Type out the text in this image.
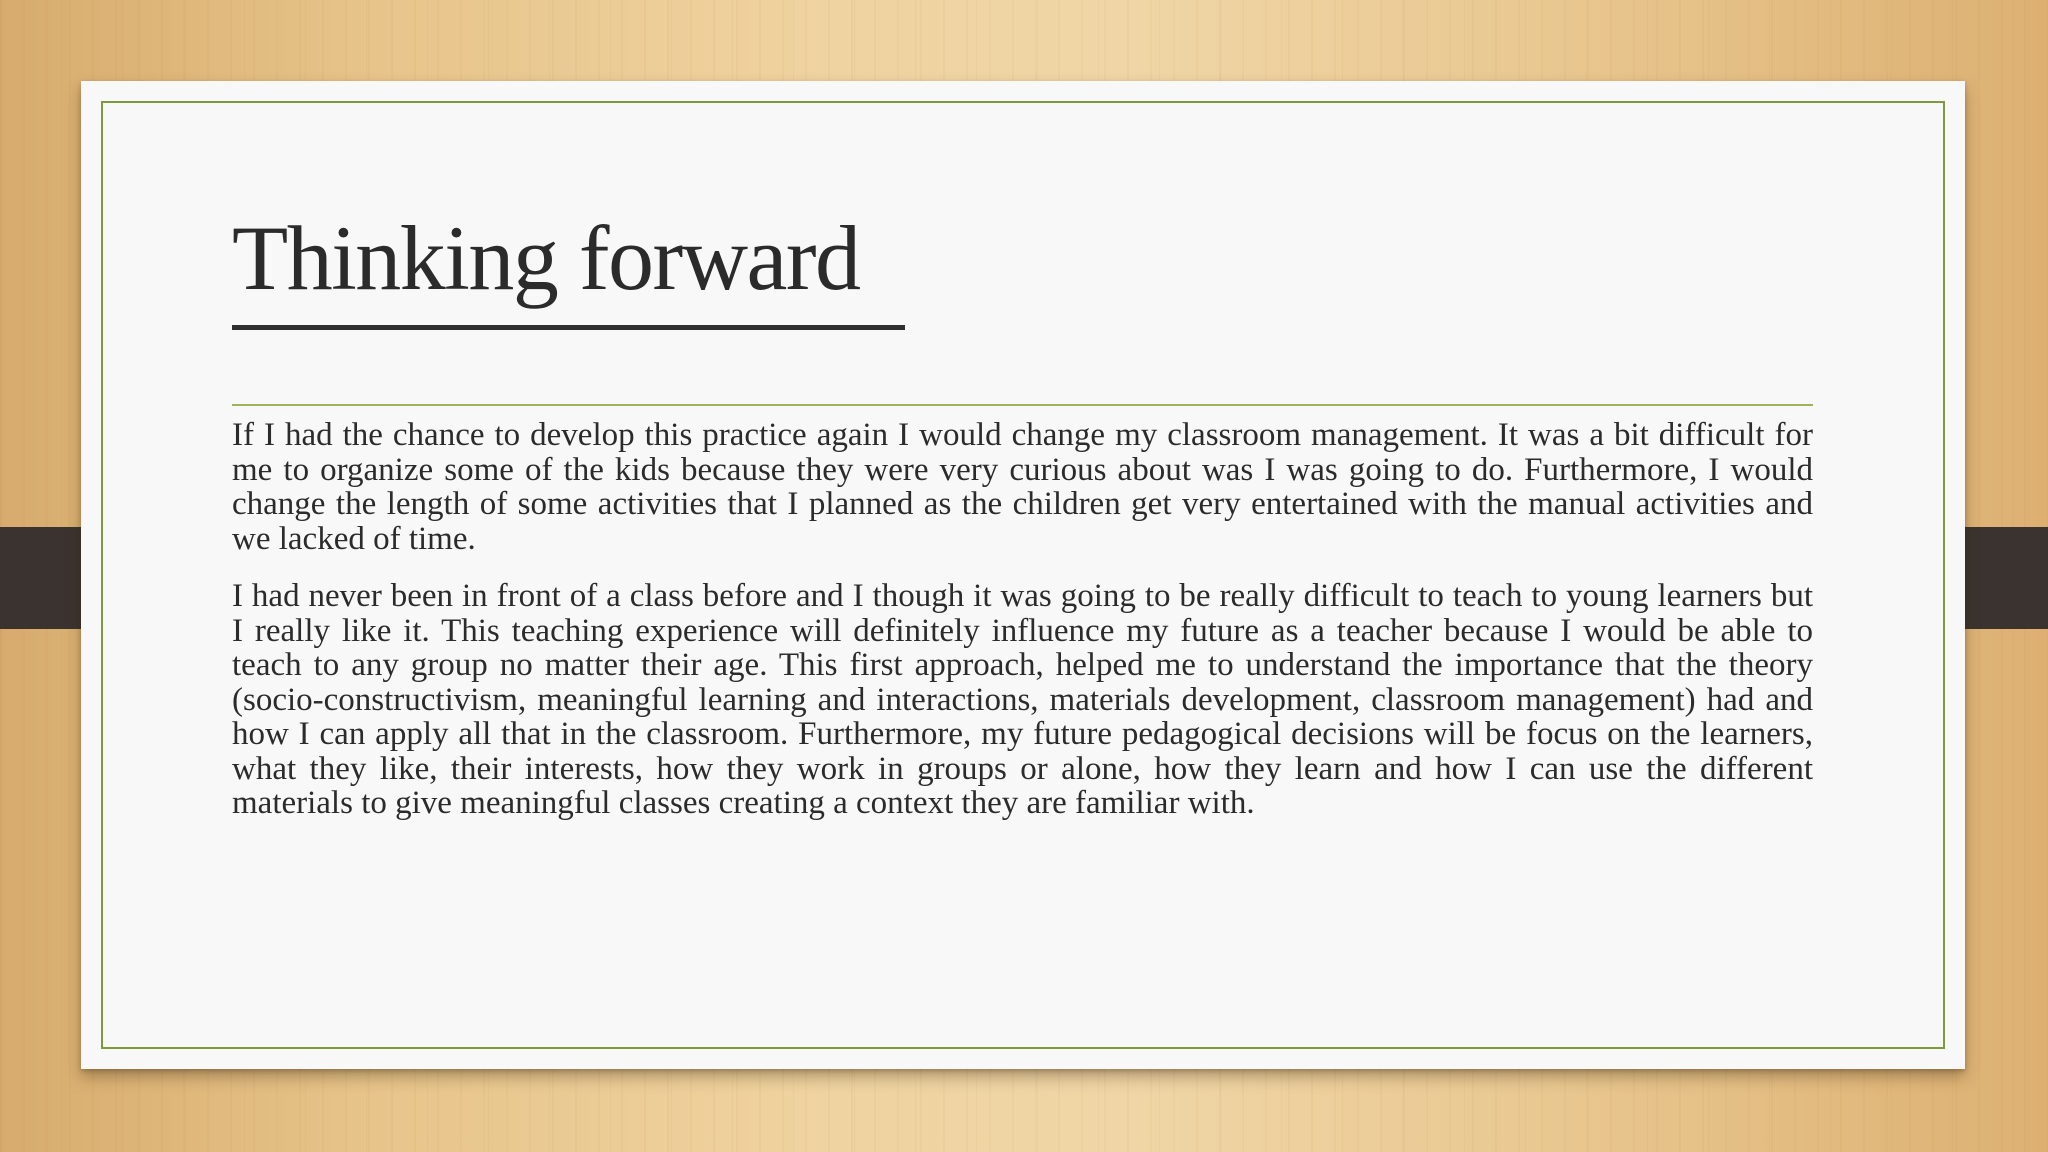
Thinking forward

If I had the chance to develop this practice again I would change my classroom management. It was a bit difficult for me to organize some of the kids because they were very curious about was I was going to do. Furthermore, I would change the length of some activities that I planned as the children get very entertained with the manual activities and we lacked of time.

I had never been in front of a class before and I though it was going to be really difficult to teach to young learners but I really like it. This teaching experience will definitely influence my future as a teacher because I would be able to teach to any group no matter their age. This first approach, helped me to understand the importance that the theory (socio-constructivism, meaningful learning and interactions, materials development, classroom management) had and how I can apply all that in the classroom. Furthermore, my future pedagogical decisions will be focus on the learners, what they like, their interests, how they work in groups or alone, how they learn and how I can use the different materials to give meaningful classes creating a context they are familiar with.
